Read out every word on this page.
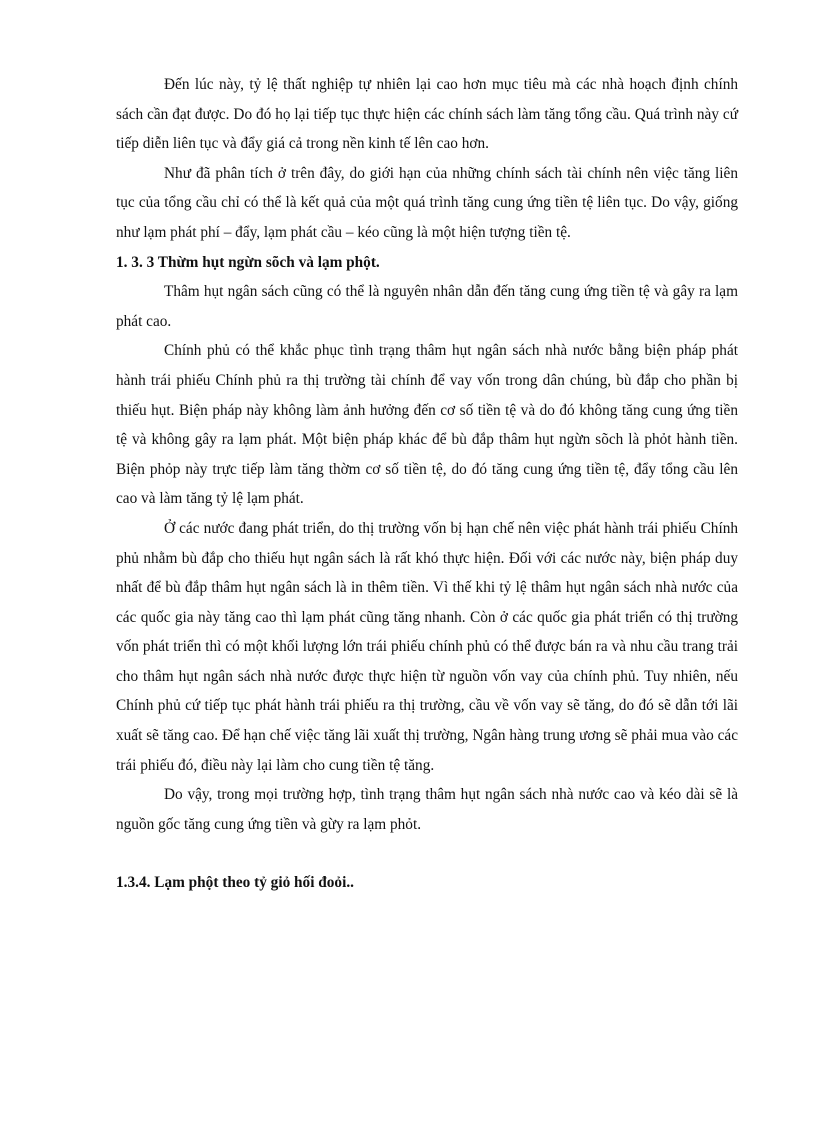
Đến lúc này, tỷ lệ thất nghiệp tự nhiên lại cao hơn mục tiêu mà các nhà hoạch định chính sách cần đạt được. Do đó họ lại tiếp tục thực hiện các chính sách làm tăng tổng cầu. Quá trình này cứ tiếp diễn liên tục và đẩy giá cả trong nền kinh tế lên cao hơn.

Như đã phân tích ở trên đây, do giới hạn của những chính sách tài chính nên việc tăng liên tục của tổng cầu chỉ có thể là kết quả của một quá trình tăng cung ứng tiền tệ liên tục. Do vậy, giống như lạm phát phí – đẩy, lạm phát cầu – kéo cũng là một hiện tượng tiền tệ.

1. 3. 3 Thừm hụt ngừn sõch và lạm phột.

Thâm hụt ngân sách cũng có thể là nguyên nhân dẫn đến tăng cung ứng tiền tệ và gây ra lạm phát cao.

Chính phủ có thể khắc phục tình trạng thâm hụt ngân sách nhà nước bằng biện pháp phát hành trái phiếu Chính phủ ra thị trường tài chính để vay vốn trong dân chúng, bù đắp cho phần bị thiếu hụt. Biện pháp này không làm ảnh hưởng đến cơ số tiền tệ và do đó không tăng cung ứng tiền tệ và không gây ra lạm phát. Một biện pháp khác để bù đắp thâm hụt ngừn sõch là phỏt hành tiền. Biện phỏp này trực tiếp làm tăng thờm cơ số tiền tệ, do đó tăng cung ứng tiền tệ, đẩy tổng cầu lên cao và làm tăng tỷ lệ lạm phát.

Ở các nước đang phát triển, do thị trường vốn bị hạn chế nên việc phát hành trái phiếu Chính phủ nhằm bù đắp cho thiếu hụt ngân sách là rất khó thực hiện. Đối với các nước này, biện pháp duy nhất để bù đắp thâm hụt ngân sách là in thêm tiền. Vì thế khi tỷ lệ thâm hụt ngân sách nhà nước của các quốc gia này tăng cao thì lạm phát cũng tăng nhanh. Còn ở các quốc gia phát triển có thị trường vốn phát triển thì có một khối lượng lớn trái phiếu chính phủ có thể được bán ra và nhu cầu trang trải cho thâm hụt ngân sách nhà nước được thực hiện từ nguồn vốn vay của chính phủ. Tuy nhiên, nếu Chính phủ cứ tiếp tục phát hành trái phiếu ra thị trường, cầu về vốn vay sẽ tăng, do đó sẽ dẫn tới lãi xuất sẽ tăng cao. Để hạn chế việc tăng lãi xuất thị trường, Ngân hàng trung ương sẽ phải mua vào các trái phiếu đó, điều này lại làm cho cung tiền tệ tăng.

Do vậy, trong mọi trường hợp, tình trạng thâm hụt ngân sách nhà nước cao và kéo dài sẽ là nguồn gốc tăng cung ứng tiền và gừy ra lạm phỏt.

1.3.4. Lạm phột theo tỷ giỏ hối đoỏi..
